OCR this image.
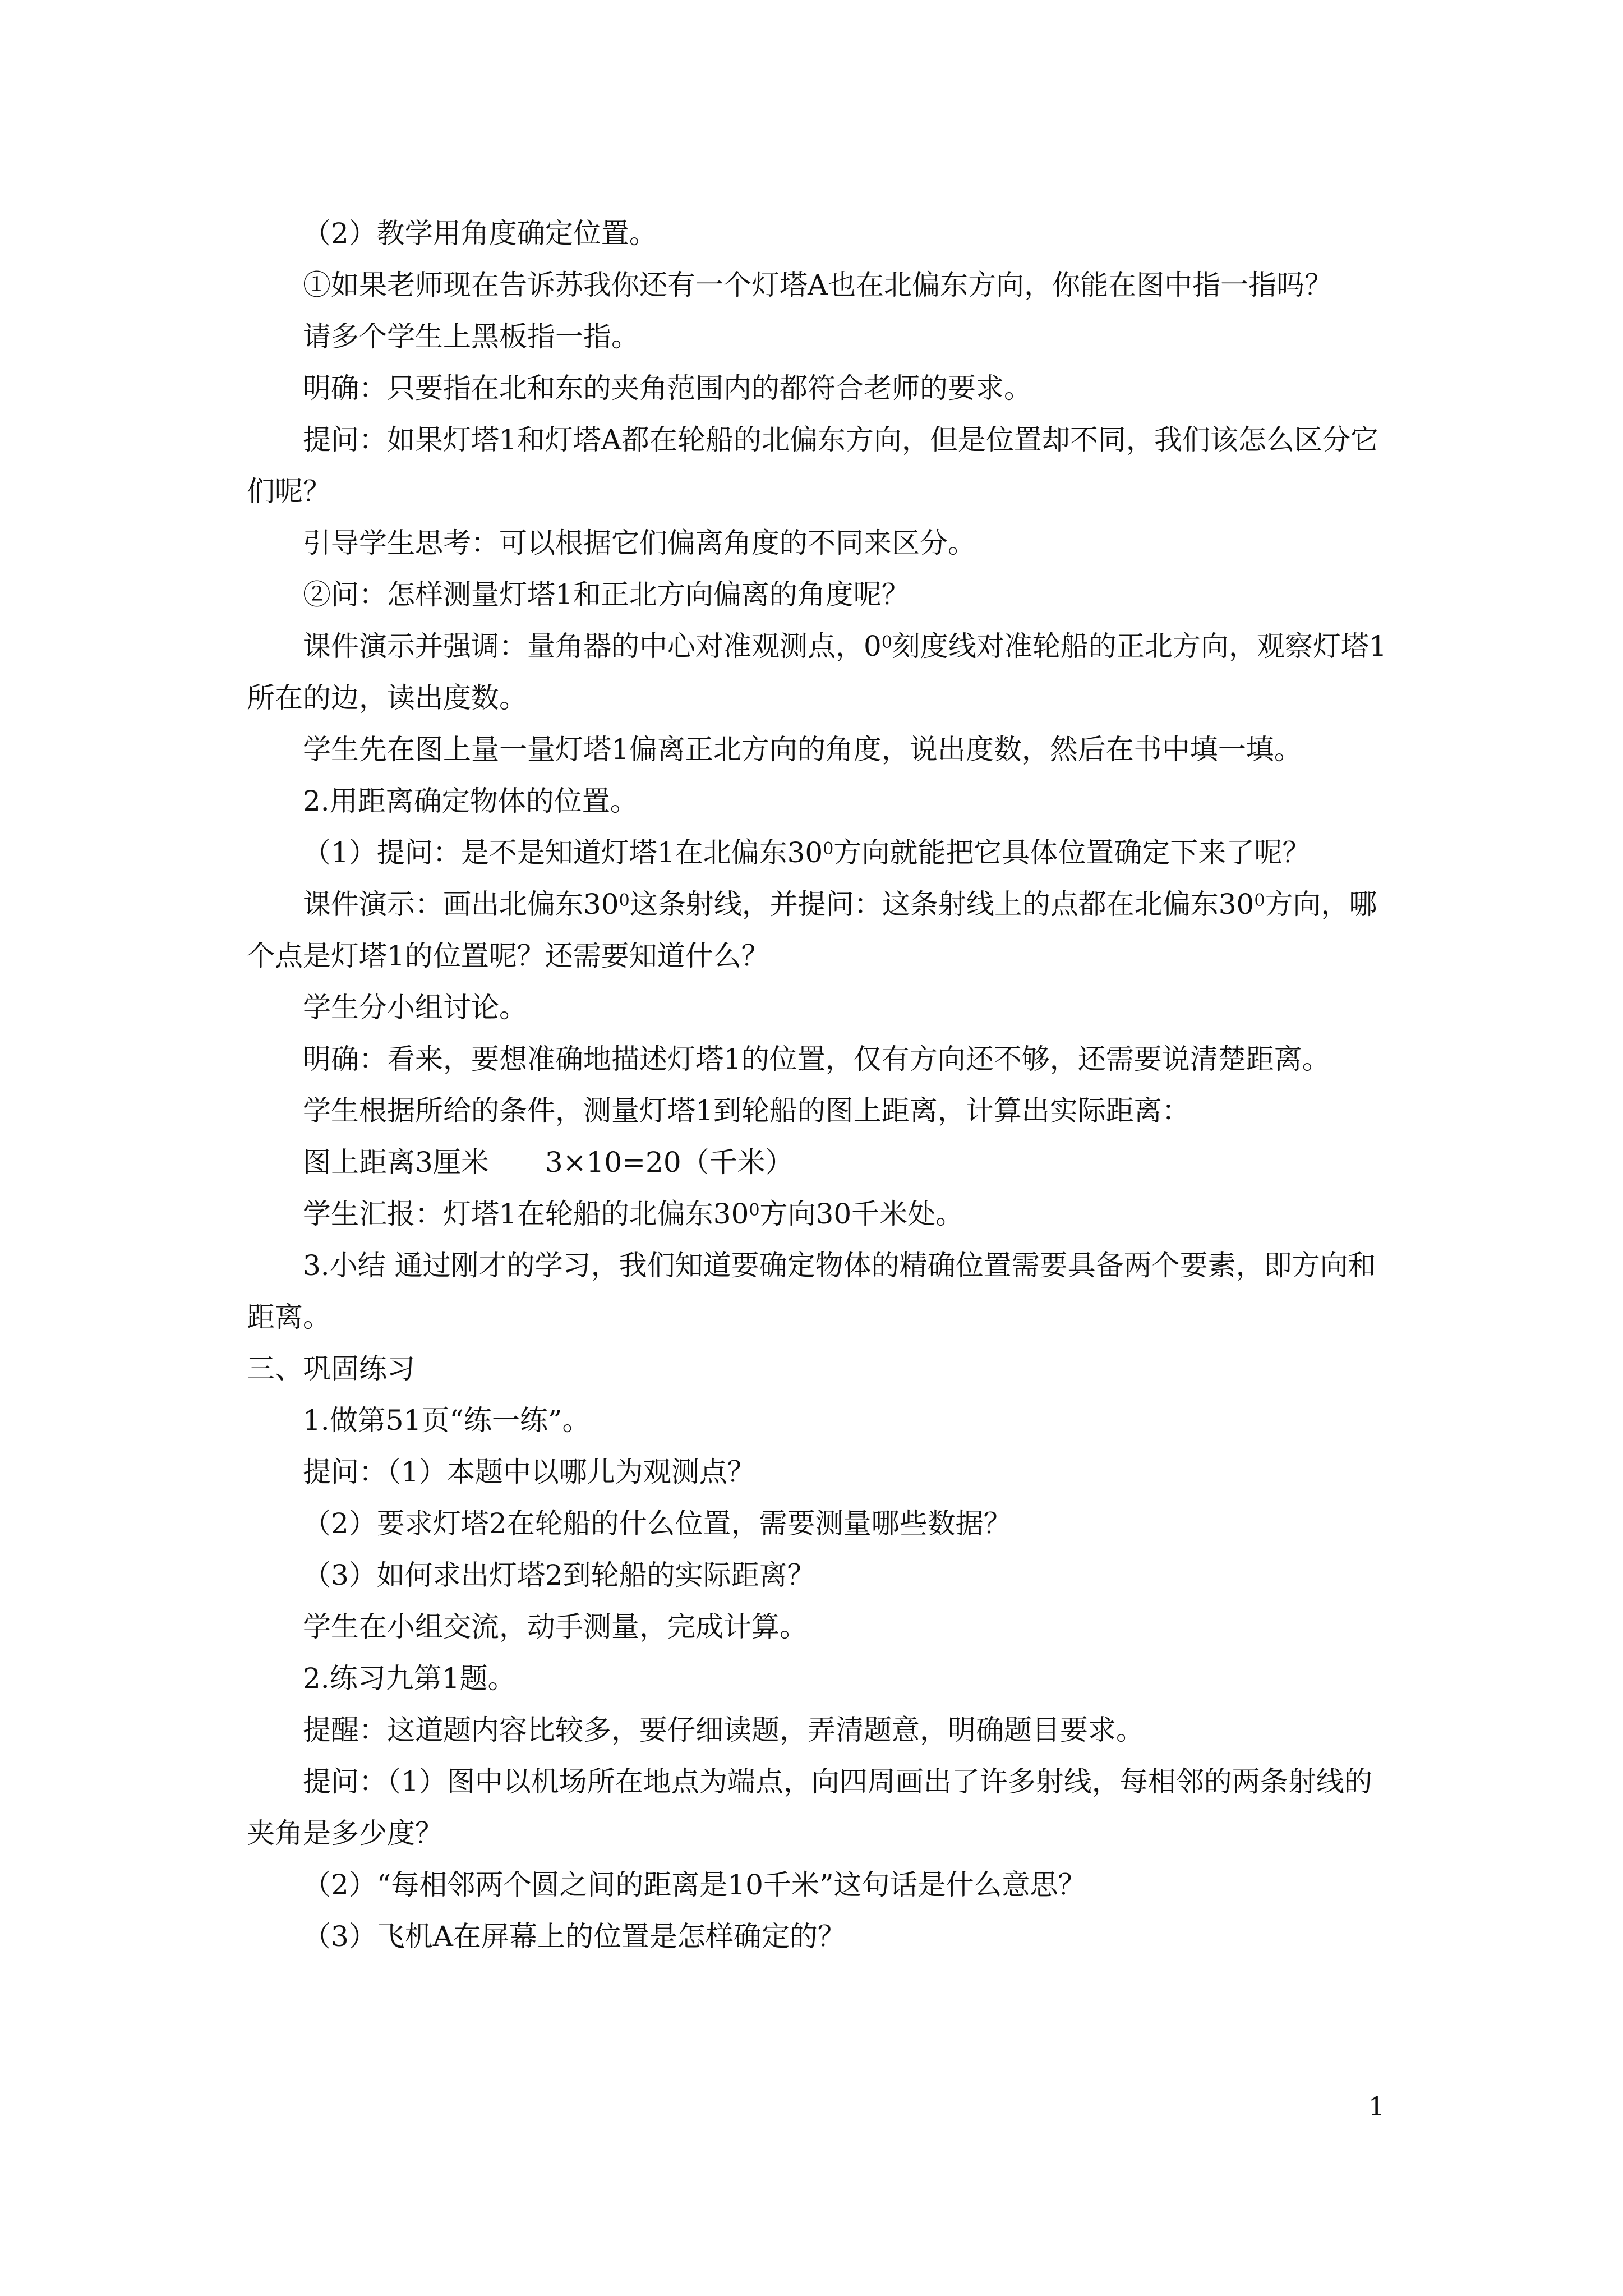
（2）教学用角度确定位置。
①如果老师现在告诉苏我你还有一个灯塔A也在北偏东方向，你能在图中指一指吗？
请多个学生上黑板指一指。
明确：只要指在北和东的夹角范围内的都符合老师的要求。
提问：如果灯塔1和灯塔A都在轮船的北偏东方向，但是位置却不同，我们该怎么区分它们呢？
引导学生思考：可以根据它们偏离角度的不同来区分。
②问：怎样测量灯塔1和正北方向偏离的角度呢？
课件演示并强调：量角器的中心对准观测点，$0^0$刻度线对准轮船的正北方向，观察灯塔1所在的边，读出度数。
学生先在图上量一量灯塔1偏离正北方向的角度，说出度数，然后在书中填一填。
2.用距离确定物体的位置。
（1）提问：是不是知道灯塔1在北偏东$30^0$方向就能把它具体位置确定下来了呢？
课件演示：画出北偏东$30^0$这条射线，并提问：这条射线上的点都在北偏东$30^0$方向，哪个点是灯塔1的位置呢？还需要知道什么？
学生分小组讨论。
明确：看来，要想准确地描述灯塔1的位置，仅有方向还不够，还需要说清楚距离。
学生根据所给的条件，测量灯塔1到轮船的图上距离，计算出实际距离：
图上距离3厘米 3×10=20（千米）
学生汇报：灯塔1在轮船的北偏东$30^0$方向30千米处。
3.小结 通过刚才的学习，我们知道要确定物体的精确位置需要具备两个要素，即方向和距离。
三、巩固练习
1.做第51页“练一练”。
提问：（1）本题中以哪儿为观测点？
（2）要求灯塔2在轮船的什么位置，需要测量哪些数据？
（3）如何求出灯塔2到轮船的实际距离？
学生在小组交流，动手测量，完成计算。
2.练习九第1题。
提醒：这道题内容比较多，要仔细读题，弄清题意，明确题目要求。
提问：（1）图中以机场所在地点为端点，向四周画出了许多射线，每相邻的两条射线的夹角是多少度？
（2）“每相邻两个圆之间的距离是10千米”这句话是什么意思？
（3）飞机A在屏幕上的位置是怎样确定的？
1
